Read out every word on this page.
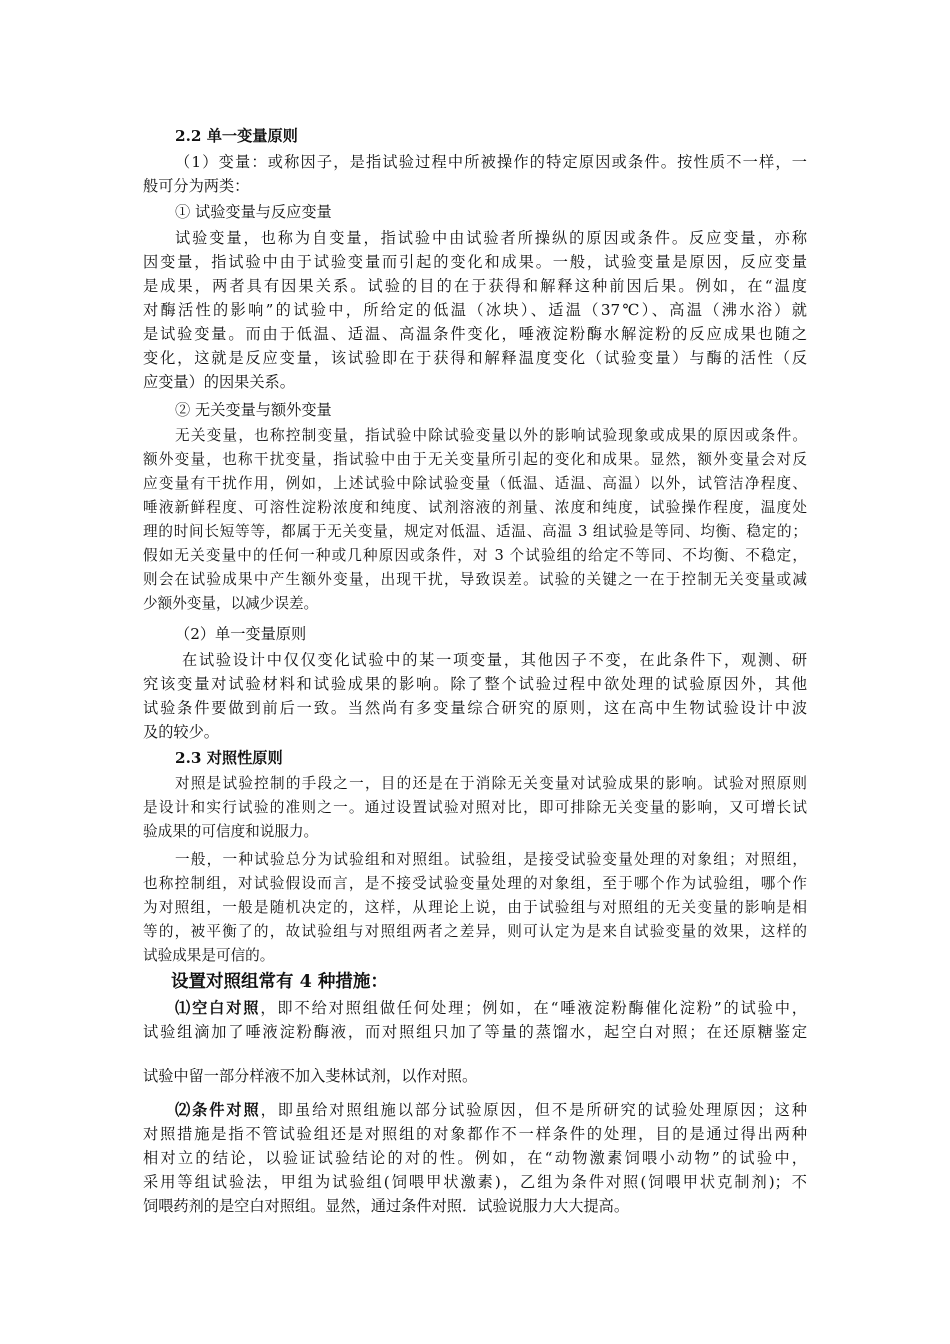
2.2 单一变量原则
（1）变量：或称因子，是指试验过程中所被操作的特定原因或条件。按性质不一样，一
般可分为两类：
① 试验变量与反应变量
试验变量，也称为自变量，指试验中由试验者所操纵的原因或条件。反应变量，亦称
因变量，指试验中由于试验变量而引起的变化和成果。一般，试验变量是原因，反应变量
是成果，两者具有因果关系。试验的目的在于获得和解释这种前因后果。例如，在“温度
对酶活性的影响”的试验中，所给定的低温（冰块）、适温（37℃）、高温（沸水浴）就
是试验变量。而由于低温、适温、高温条件变化，唾液淀粉酶水解淀粉的反应成果也随之
变化，这就是反应变量，该试验即在于获得和解释温度变化（试验变量）与酶的活性（反
应变量）的因果关系。
② 无关变量与额外变量
无关变量，也称控制变量，指试验中除试验变量以外的影响试验现象或成果的原因或条件。
额外变量，也称干扰变量，指试验中由于无关变量所引起的变化和成果。显然，额外变量会对反
应变量有干扰作用，例如，上述试验中除试验变量（低温、适温、高温）以外，试管洁净程度、
唾液新鲜程度、可溶性淀粉浓度和纯度、试剂溶液的剂量、浓度和纯度，试验操作程度，温度处
理的时间长短等等，都属于无关变量，规定对低温、适温、高温 3 组试验是等同、均衡、稳定的；
假如无关变量中的任何一种或几种原因或条件，对 3 个试验组的给定不等同、不均衡、不稳定，
则会在试验成果中产生额外变量，出现干扰，导致误差。试验的关键之一在于控制无关变量或减
少额外变量，以减少误差。
（2）单一变量原则
在试验设计中仅仅变化试验中的某一项变量，其他因子不变，在此条件下，观测、研
究该变量对试验材料和试验成果的影响。除了整个试验过程中欲处理的试验原因外，其他
试验条件要做到前后一致。当然尚有多变量综合研究的原则，这在高中生物试验设计中波
及的较少。
2.3 对照性原则
对照是试验控制的手段之一，目的还是在于消除无关变量对试验成果的影响。试验对照原则
是设计和实行试验的准则之一。通过设置试验对照对比，即可排除无关变量的影响，又可增长试
验成果的可信度和说服力。
一般，一种试验总分为试验组和对照组。试验组，是接受试验变量处理的对象组；对照组，
也称控制组，对试验假设而言，是不接受试验变量处理的对象组，至于哪个作为试验组，哪个作
为对照组，一般是随机决定的，这样，从理论上说，由于试验组与对照组的无关变量的影响是相
等的，被平衡了的，故试验组与对照组两者之差异，则可认定为是来自试验变量的效果，这样的
试验成果是可信的。
设置对照组常有 4 种措施：
⑴空白对照，即不给对照组做任何处理；例如，在“唾液淀粉酶催化淀粉”的试验中，
试验组滴加了唾液淀粉酶液，而对照组只加了等量的蒸馏水，起空白对照；在还原糖鉴定
试验中留一部分样液不加入斐林试剂，以作对照。
⑵条件对照，即虽给对照组施以部分试验原因，但不是所研究的试验处理原因；这种
对照措施是指不管试验组还是对照组的对象都作不一样条件的处理，目的是通过得出两种
相对立的结论，以验证试验结论的对的性。例如，在“动物激素饲喂小动物”的试验中，
采用等组试验法，甲组为试验组(饲喂甲状激素)，乙组为条件对照(饲喂甲状克制剂)；不
饲喂药剂的是空白对照组。显然，通过条件对照．试验说服力大大提高。
